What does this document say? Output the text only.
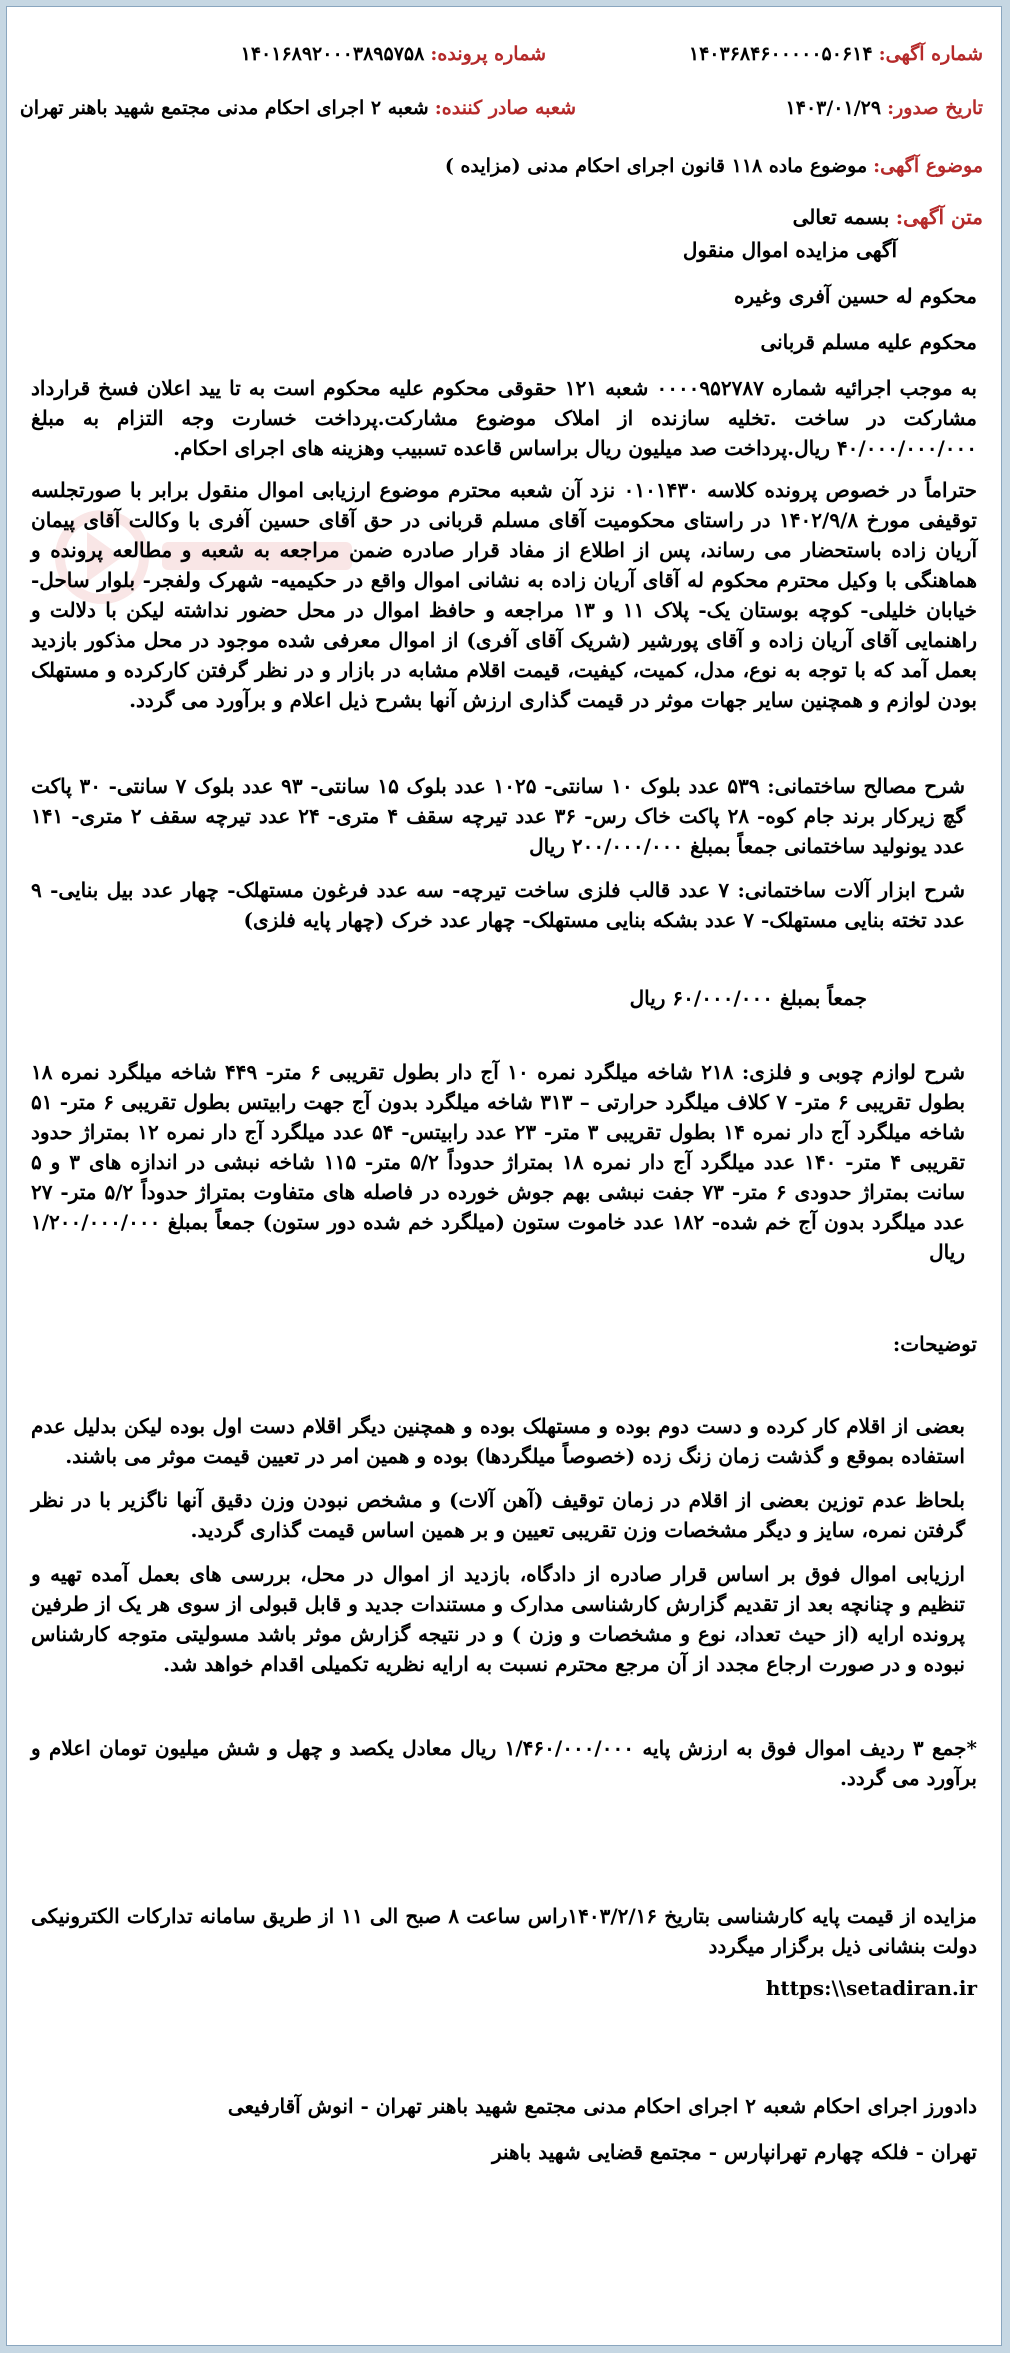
شماره آگهی: ۱۴۰۳۶۸۴۶۰۰۰۰۰۵۰۶۱۴
شماره پرونده: ۱۴۰۱۶۸۹۲۰۰۰۳۸۹۵۷۵۸
تاریخ صدور: ۱۴۰۳/۰۱/۲۹
شعبه صادر کننده: شعبه ۲ اجرای احکام مدنی مجتمع شهید باهنر تهران
موضوع آگهی: موضوع ماده ۱۱۸ قانون اجرای احکام مدنی (مزایده )
متن آگهی: بسمه تعالی

آگهی مزایده اموال منقول

محکوم له حسین آفری وغیره

محکوم علیه مسلم قربانی

به موجب اجرائیه شماره ۰۰۰۰۹۵۲۷۸۷ شعبه ۱۲۱ حقوقی محکوم علیه محکوم است به تا یید اعلان فسخ قرارداد مشارکت در ساخت .تخلیه سازنده از املاک موضوع مشارکت.پرداخت خسارت وجه التزام به مبلغ ۴۰/۰۰۰/۰۰۰/۰۰۰ ریال.پرداخت صد میلیون ریال براساس قاعده تسبیب وهزینه های اجرای احکام.

حتراماً در خصوص پرونده کلاسه ۰۱۰۱۴۳۰ نزد آن شعبه محترم موضوع ارزیابی اموال منقول برابر با صورتجلسه توقیفی مورخ ۱۴۰۲/۹/۸ در راستای محکومیت آقای مسلم قربانی در حق آقای حسین آفری با وکالت آقای پیمان آریان زاده باستحضار می رساند، پس از اطلاع از مفاد قرار صادره ضمن مراجعه به شعبه و مطالعه پرونده و هماهنگی با وکیل محترم محکوم له آقای آریان زاده به نشانی اموال واقع در حکیمیه- شهرک ولفجر- بلوار ساحل- خیابان خلیلی- کوچه بوستان یک- پلاک ۱۱ و ۱۳ مراجعه و حافظ اموال در محل حضور نداشته لیکن با دلالت و راهنمایی آقای آریان زاده و آقای پورشیر (شریک آقای آفری) از اموال معرفی شده موجود در محل مذکور بازدید بعمل آمد که با توجه به نوع، مدل، کمیت، کیفیت، قیمت اقلام مشابه در بازار و در نظر گرفتن کارکرده و مستهلک بودن لوازم و همچنین سایر جهات موثر در قیمت گذاری ارزش آنها بشرح ذیل اعلام و برآورد می گردد.

شرح مصالح ساختمانی: ۵۳۹ عدد بلوک ۱۰ سانتی- ۱۰۲۵ عدد بلوک ۱۵ سانتی- ۹۳ عدد بلوک ۷ سانتی- ۳۰ پاکت گچ زیرکار برند جام کوه- ۲۸ پاکت خاک رس- ۳۶ عدد تیرچه سقف ۴ متری- ۲۴ عدد تیرچه سقف ۲ متری- ۱۴۱ عدد یونولید ساختمانی جمعاً بمبلغ ۲۰۰/۰۰۰/۰۰۰ ریال

شرح ابزار آلات ساختمانی: ۷ عدد قالب فلزی ساخت تیرچه- سه عدد فرغون مستهلک- چهار عدد بیل بنایی- ۹ عدد تخته بنایی مستهلک- ۷ عدد بشکه بنایی مستهلک- چهار عدد خرک (چهار پایه فلزی)

جمعاً بمبلغ ۶۰/۰۰۰/۰۰۰ ریال

شرح لوازم چوبی و فلزی: ۲۱۸ شاخه میلگرد نمره ۱۰ آج دار بطول تقریبی ۶ متر- ۴۴۹ شاخه میلگرد نمره ۱۸ بطول تقریبی ۶ متر- ۷ کلاف میلگرد حرارتی – ۳۱۳ شاخه میلگرد بدون آج جهت رابیتس بطول تقریبی ۶ متر- ۵۱ شاخه میلگرد آج دار نمره ۱۴ بطول تقریبی ۳ متر- ۲۳ عدد رابیتس- ۵۴ عدد میلگرد آج دار نمره ۱۲ بمتراژ حدود تقریبی ۴ متر- ۱۴۰ عدد میلگرد آج دار نمره ۱۸ بمتراژ حدوداً ۵/۲ متر- ۱۱۵ شاخه نبشی در اندازه های ۳ و ۵ سانت بمتراژ حدودی ۶ متر- ۷۳ جفت نبشی بهم جوش خورده در فاصله های متفاوت بمتراژ حدوداً ۵/۲ متر- ۲۷ عدد میلگرد بدون آج خم شده- ۱۸۲ عدد خاموت ستون (میلگرد خم شده دور ستون) جمعاً بمبلغ ۱/۲۰۰/۰۰۰/۰۰۰ ریال

توضیحات:

بعضی از اقلام کار کرده و دست دوم بوده و مستهلک بوده و همچنین دیگر اقلام دست اول بوده لیکن بدلیل عدم استفاده بموقع و گذشت زمان زنگ زده (خصوصاً میلگردها) بوده و همین امر در تعیین قیمت موثر می باشند.

بلحاظ عدم توزین بعضی از اقلام در زمان توقیف (آهن آلات) و مشخص نبودن وزن دقیق آنها ناگزیر با در نظر گرفتن نمره، سایز و دیگر مشخصات وزن تقریبی تعیین و بر همین اساس قیمت گذاری گردید.

ارزیابی اموال فوق بر اساس قرار صادره از دادگاه، بازدید از اموال در محل، بررسی های بعمل آمده تهیه و تنظیم و چنانچه بعد از تقدیم گزارش کارشناسی مدارک و مستندات جدید و قابل قبولی از سوی هر یک از طرفین پرونده ارایه (از حیث تعداد، نوع و مشخصات و وزن ) و در نتیجه گزارش موثر باشد مسولیتی متوجه کارشناس نبوده و در صورت ارجاع مجدد از آن مرجع محترم نسبت به ارایه نظریه تکمیلی اقدام خواهد شد.

*جمع ۳ ردیف اموال فوق به ارزش پایه ۱/۴۶۰/۰۰۰/۰۰۰ ریال معادل یکصد و چهل و شش میلیون تومان اعلام و برآورد می گردد.

مزایده از قیمت پایه کارشناسی بتاریخ ۱۴۰۳/۲/۱۶راس ساعت ۸ صبح الی ۱۱ از طریق سامانه تدارکات الکترونیکی دولت بنشانی ذیل برگزار میگردد

https:\\setadiran.ir

دادورز اجرای احکام شعبه ۲ اجرای احکام مدنی مجتمع شهید باهنر تهران - انوش آقارفیعی

تهران - فلکه چهارم تهرانپارس - مجتمع قضایی شهید باهنر
